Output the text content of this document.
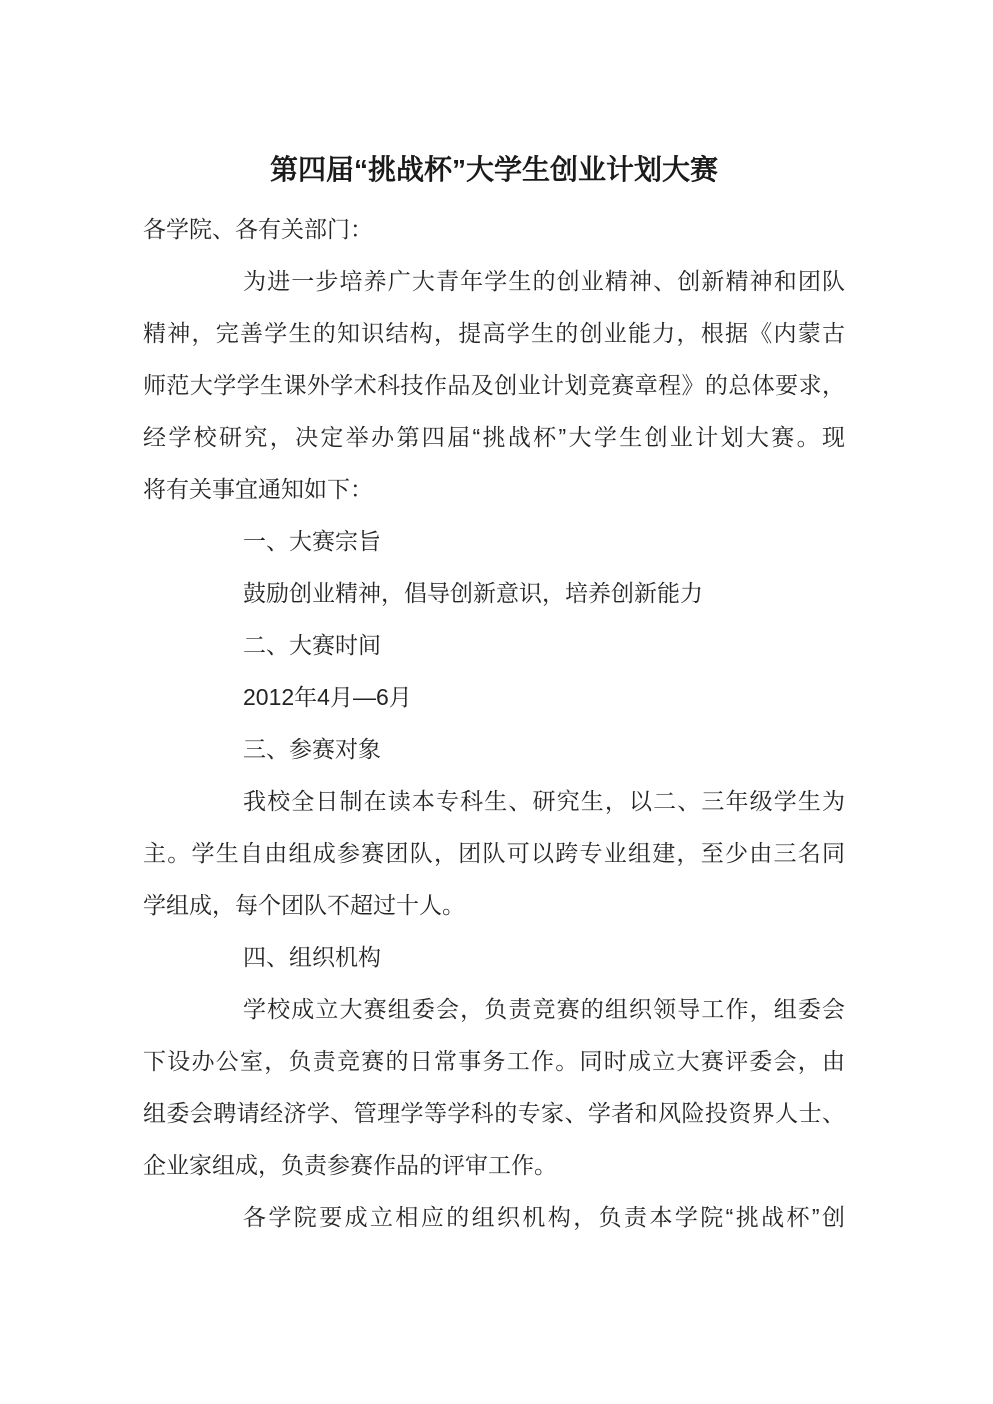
第四届“挑战杯”大学生创业计划大赛
各学院、各有关部门：
为进一步培养广大青年学生的创业精神、创新精神和团队
精神，完善学生的知识结构，提高学生的创业能力，根据《内蒙古
师范大学学生课外学术科技作品及创业计划竞赛章程》的总体要求，
经学校研究，决定举办第四届“挑战杯”大学生创业计划大赛。现
将有关事宜通知如下：
一、大赛宗旨
鼓励创业精神，倡导创新意识，培养创新能力
二、大赛时间
2012年4月—6月
三、参赛对象
我校全日制在读本专科生、研究生，以二、三年级学生为
主。学生自由组成参赛团队，团队可以跨专业组建，至少由三名同
学组成，每个团队不超过十人。
四、组织机构
学校成立大赛组委会，负责竞赛的组织领导工作，组委会
下设办公室，负责竞赛的日常事务工作。同时成立大赛评委会，由
组委会聘请经济学、管理学等学科的专家、学者和风险投资界人士、
企业家组成，负责参赛作品的评审工作。
各学院要成立相应的组织机构，负责本学院“挑战杯”创
